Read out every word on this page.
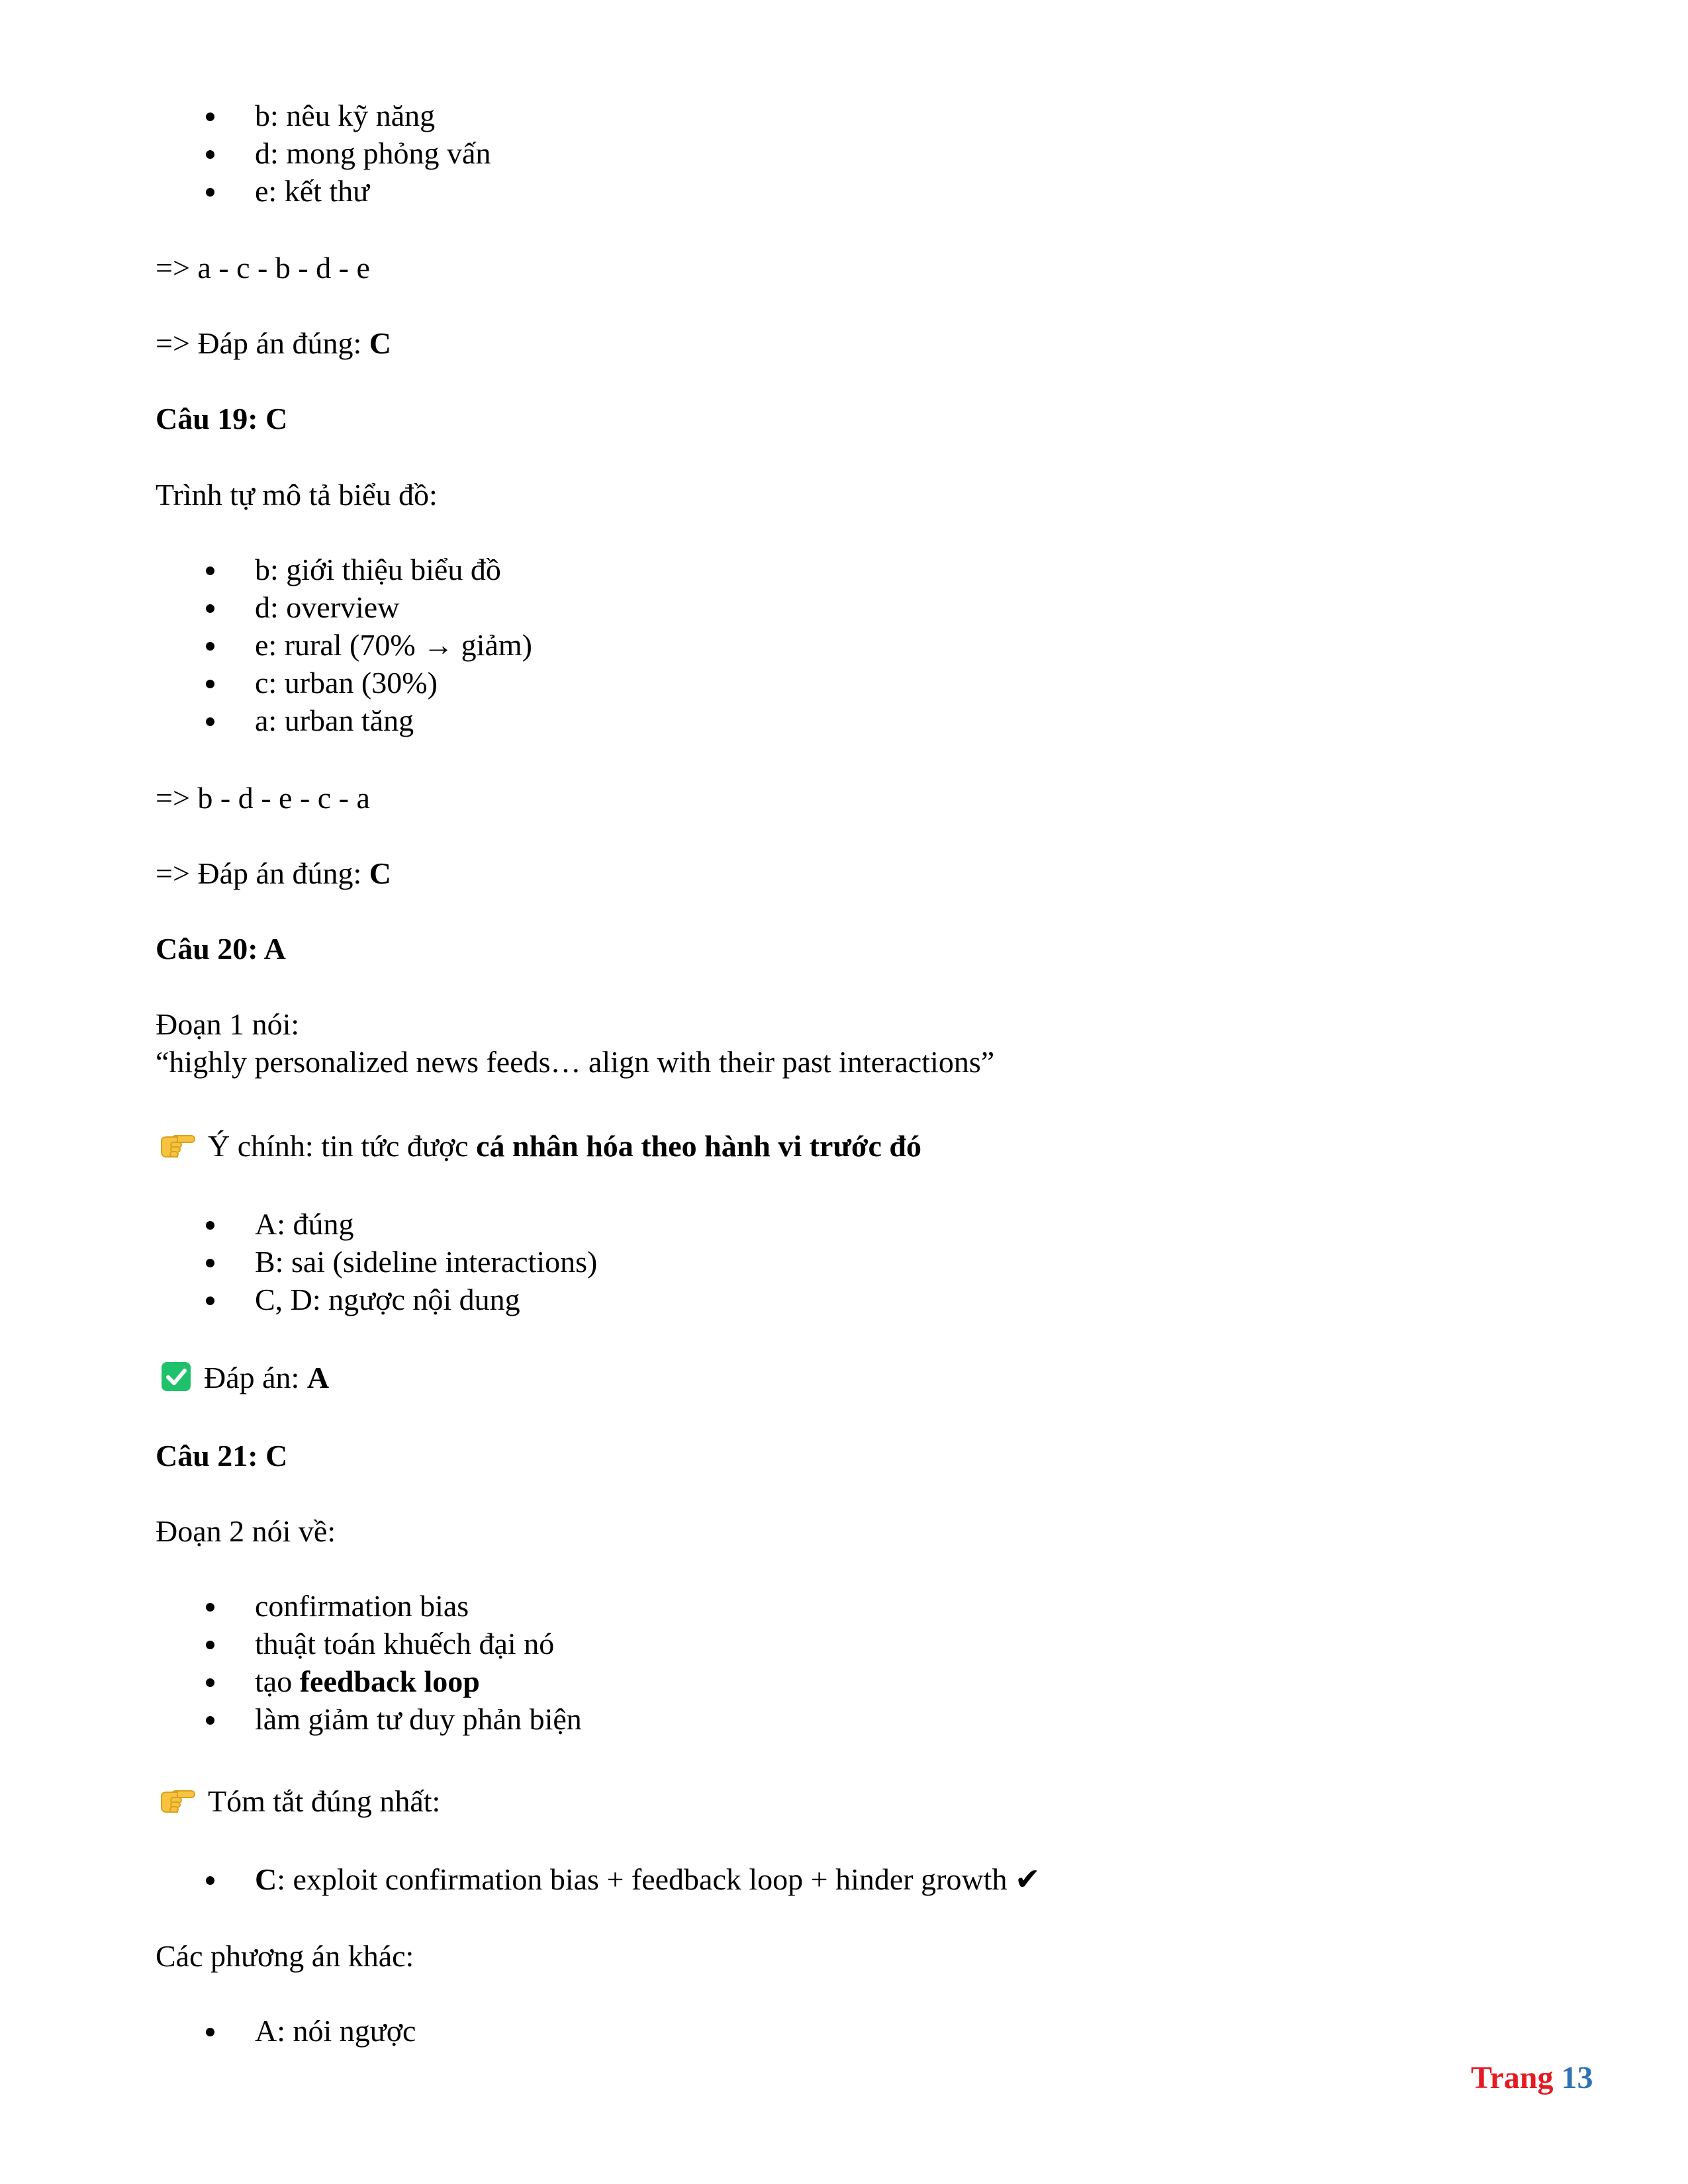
b: nêu kỹ năng
d: mong phỏng vấn
e: kết thư

=> a - c - b - d - e

=> Đáp án đúng: C

Câu 19: C

Trình tự mô tả biểu đồ:

b: giới thiệu biểu đồ
d: overview
e: rural (70% → giảm)
c: urban (30%)
a: urban tăng

=> b - d - e - c - a

=> Đáp án đúng: C

Câu 20: A

Đoạn 1 nói:

“highly personalized news feeds… align with their past interactions”

Ý chính: tin tức được cá nhân hóa theo hành vi trước đó

A: đúng
B: sai (sideline interactions)
C, D: ngược nội dung

Đáp án: A

Câu 21: C

Đoạn 2 nói về:

confirmation bias
thuật toán khuếch đại nó
tạo feedback loop
làm giảm tư duy phản biện

Tóm tắt đúng nhất:

C: exploit confirmation bias + feedback loop + hinder growth ✔

Các phương án khác:

A: nói ngược
Trang 13
